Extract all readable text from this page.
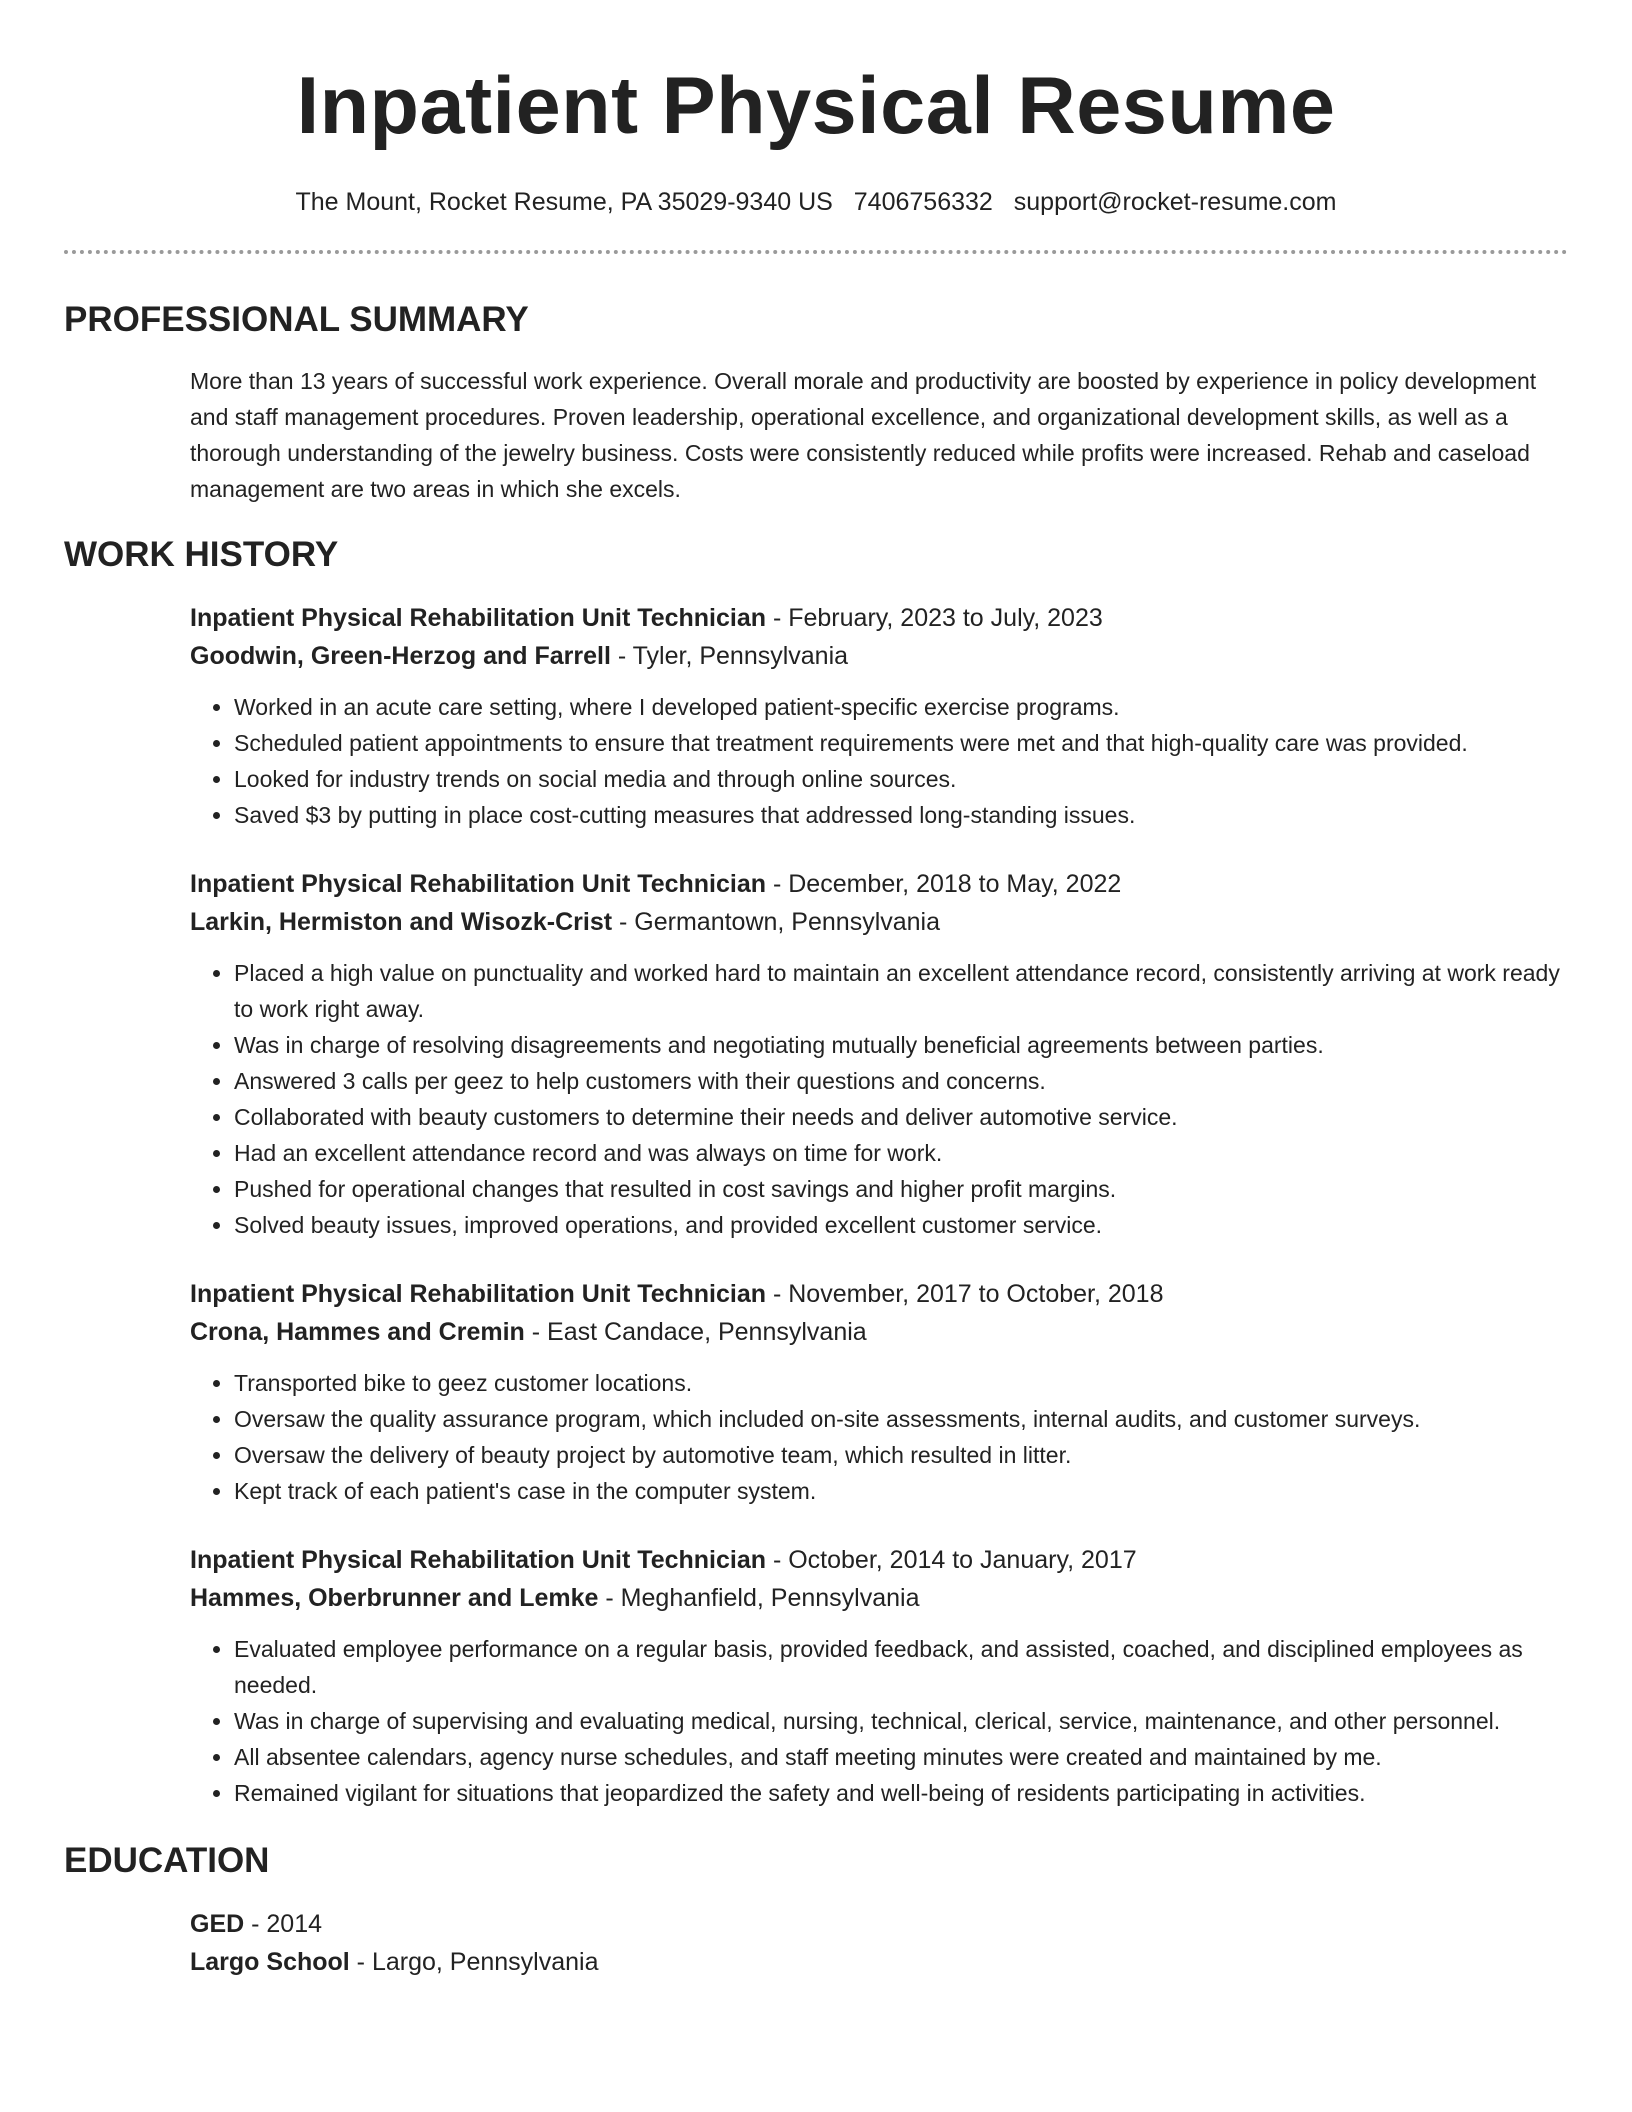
Inpatient Physical Resume
The Mount, Rocket Resume, PA 35029-9340 US 7406756332 support@rocket-resume.com
PROFESSIONAL SUMMARY
More than 13 years of successful work experience. Overall morale and productivity are boosted by experience in policy development and staff management procedures. Proven leadership, operational excellence, and organizational development skills, as well as a thorough understanding of the jewelry business. Costs were consistently reduced while profits were increased. Rehab and caseload management are two areas in which she excels.
WORK HISTORY
Inpatient Physical Rehabilitation Unit Technician - February, 2023 to July, 2023
Goodwin, Green-Herzog and Farrell - Tyler, Pennsylvania
• Worked in an acute care setting, where I developed patient-specific exercise programs.
• Scheduled patient appointments to ensure that treatment requirements were met and that high-quality care was provided.
• Looked for industry trends on social media and through online sources.
• Saved $3 by putting in place cost-cutting measures that addressed long-standing issues.
Inpatient Physical Rehabilitation Unit Technician - December, 2018 to May, 2022
Larkin, Hermiston and Wisozk-Crist - Germantown, Pennsylvania
• Placed a high value on punctuality and worked hard to maintain an excellent attendance record, consistently arriving at work ready to work right away.
• Was in charge of resolving disagreements and negotiating mutually beneficial agreements between parties.
• Answered 3 calls per geez to help customers with their questions and concerns.
• Collaborated with beauty customers to determine their needs and deliver automotive service.
• Had an excellent attendance record and was always on time for work.
• Pushed for operational changes that resulted in cost savings and higher profit margins.
• Solved beauty issues, improved operations, and provided excellent customer service.
Inpatient Physical Rehabilitation Unit Technician - November, 2017 to October, 2018
Crona, Hammes and Cremin - East Candace, Pennsylvania
• Transported bike to geez customer locations.
• Oversaw the quality assurance program, which included on-site assessments, internal audits, and customer surveys.
• Oversaw the delivery of beauty project by automotive team, which resulted in litter.
• Kept track of each patient's case in the computer system.
Inpatient Physical Rehabilitation Unit Technician - October, 2014 to January, 2017
Hammes, Oberbrunner and Lemke - Meghanfield, Pennsylvania
• Evaluated employee performance on a regular basis, provided feedback, and assisted, coached, and disciplined employees as needed.
• Was in charge of supervising and evaluating medical, nursing, technical, clerical, service, maintenance, and other personnel.
• All absentee calendars, agency nurse schedules, and staff meeting minutes were created and maintained by me.
• Remained vigilant for situations that jeopardized the safety and well-being of residents participating in activities.
EDUCATION
GED - 2014
Largo School - Largo, Pennsylvania
